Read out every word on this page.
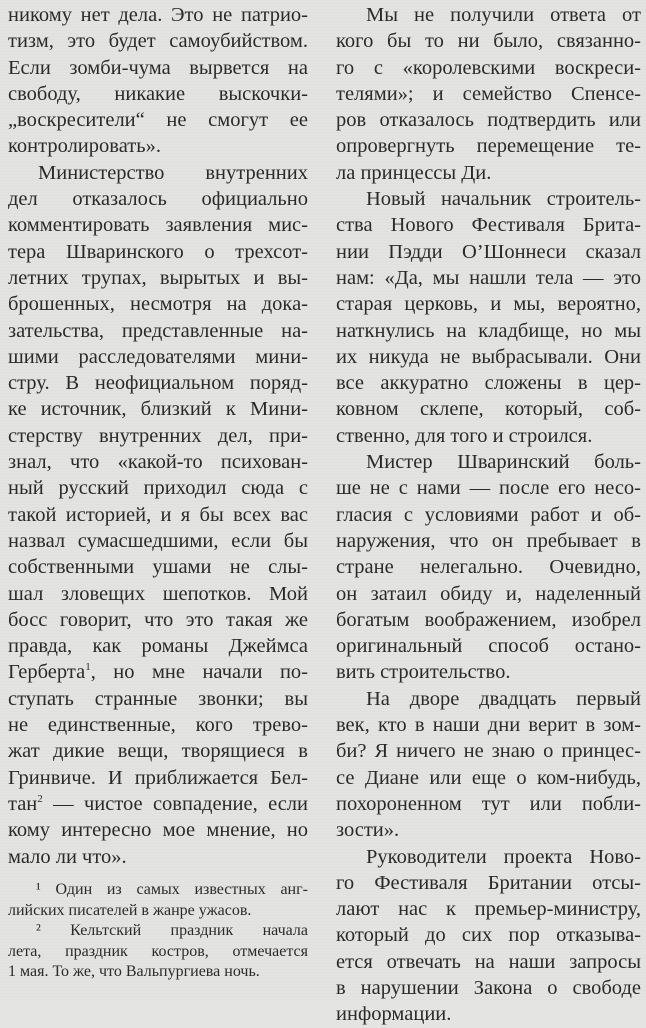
никому нет дела. Это не патрио-
тизм, это будет самоубийством.
Если зомби-чума вырвется на
свободу, никакие выскочки-
„воскресители“ не смогут ее
контролировать».
Министерство внутренних
дел отказалось официально
комментировать заявления мис-
тера Шваринского о трехсот-
летних трупах, вырытых и вы-
брошенных, несмотря на дока-
зательства, представленные на-
шими расследователями мини-
стру. В неофициальном поряд-
ке источник, близкий к Мини-
стерству внутренних дел, при-
знал, что «какой-то психован-
ный русский приходил сюда с
такой историей, и я бы всех вас
назвал сумасшедшими, если бы
собственными ушами не слы-
шал зловещих шепотков. Мой
босс говорит, что это такая же
правда, как романы Джеймса
Герберта$^1$, но мне начали по-
ступать странные звонки; вы
не единственные, кого трево-
жат дикие вещи, творящиеся в
Гринвиче. И приближается Бел-
тан$^2$ — чистое совпадение, если
кому интересно мое мнение, но
мало ли что».
¹ Один из самых известных анг-
лийских писателей в жанре ужасов.
² Кельтский праздник начала
лета, праздник костров, отмечается
1 мая. То же, что Вальпургиева ночь.
Мы не получили ответа от
кого бы то ни было, связанно-
го с «королевскими воскреси-
телями»; и семейство Спенсе-
ров отказалось подтвердить или
опровергнуть перемещение те-
ла принцессы Ди.
Новый начальник строитель-
ства Нового Фестиваля Брита-
нии Пэдди О’Шоннеси сказал
нам: «Да, мы нашли тела — это
старая церковь, и мы, вероятно,
наткнулись на кладбище, но мы
их никуда не выбрасывали. Они
все аккуратно сложены в цер-
ковном склепе, который, соб-
ственно, для того и строился.
Мистер Шваринский боль-
ше не с нами — после его несо-
гласия с условиями работ и об-
наружения, что он пребывает в
стране нелегально. Очевидно,
он затаил обиду и, наделенный
богатым воображением, изобрел
оригинальный способ остано-
вить строительство.
На дворе двадцать первый
век, кто в наши дни верит в зом-
би? Я ничего не знаю о принцес-
се Диане или еще о ком-нибудь,
похороненном тут или побли-
зости».
Руководители проекта Ново-
го Фестиваля Британии отсы-
лают нас к премьер-министру,
который до сих пор отказыва-
ется отвечать на наши запросы
в нарушении Закона о свободе
информации.
